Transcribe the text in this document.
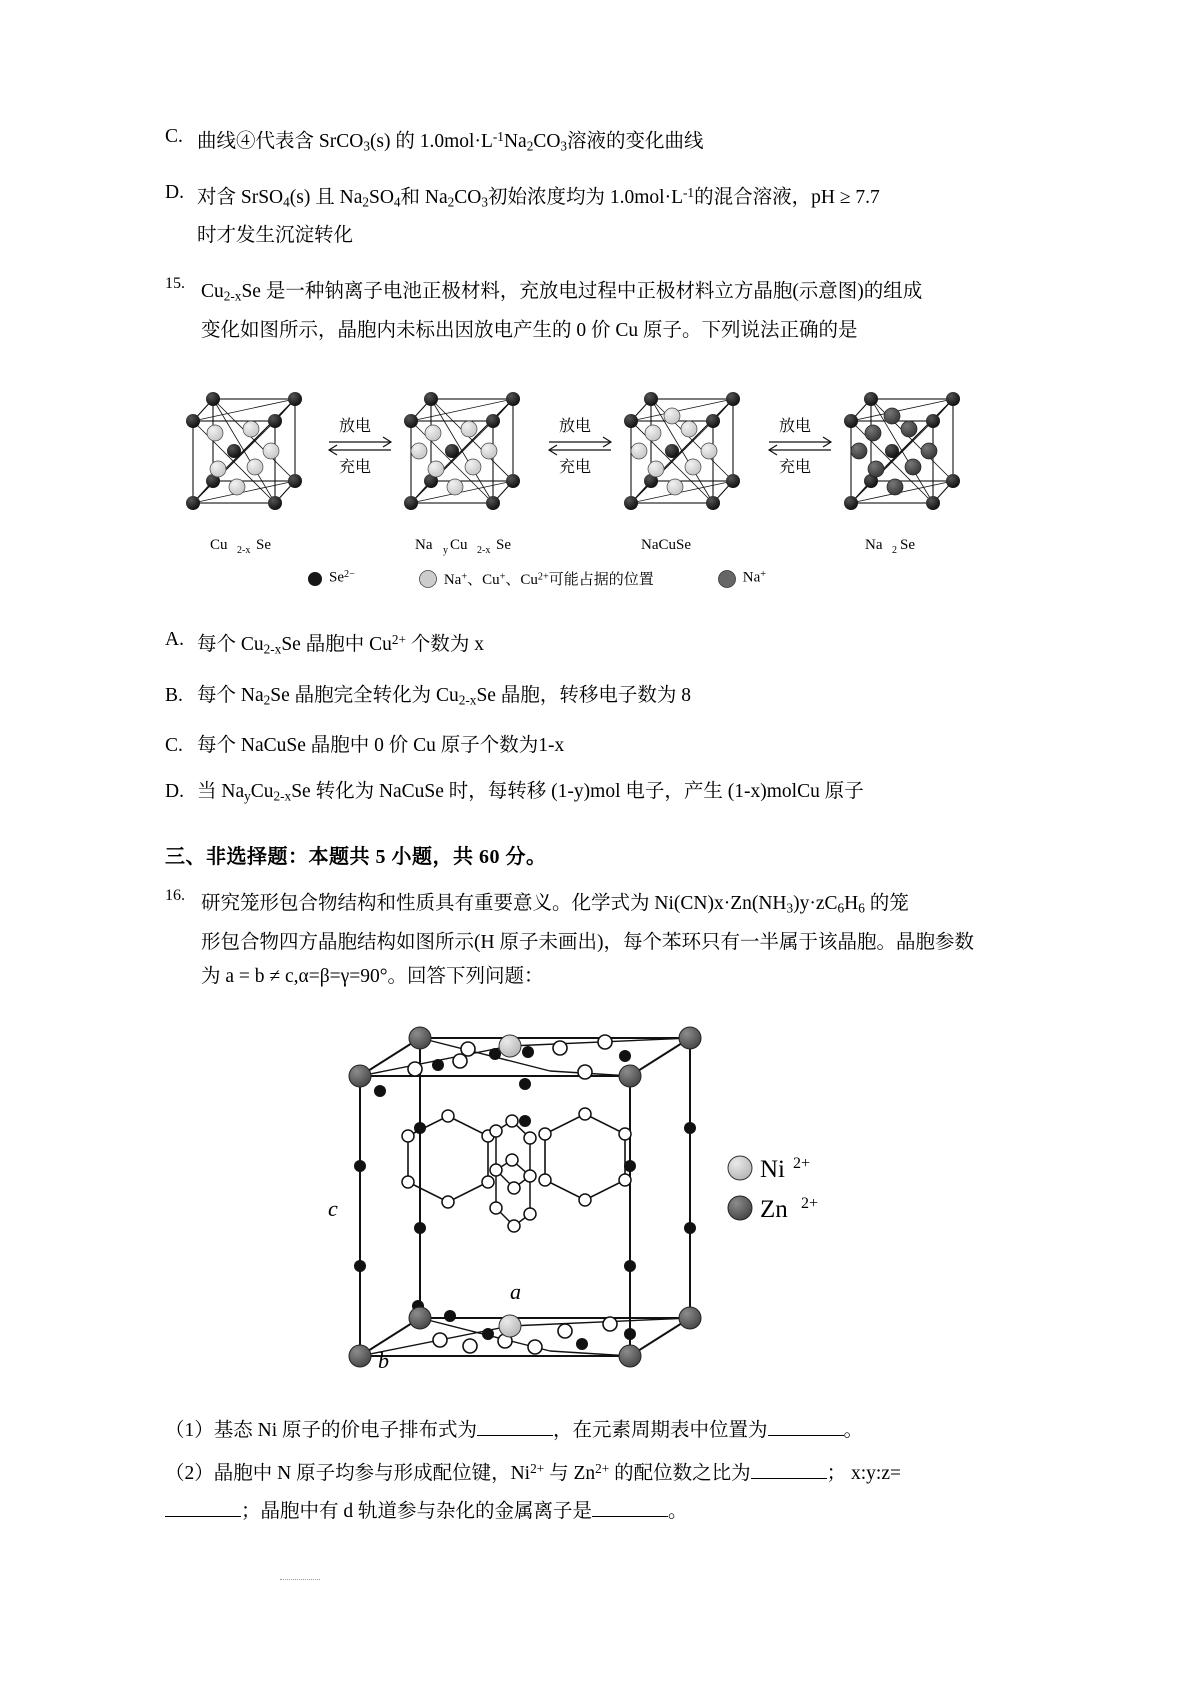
C. 曲线④代表含 SrCO$_3$(s) 的 $1.0mol\cdot L^{-1}Na_2CO_3$溶液的变化曲线
D. 对含 SrSO$_4$(s) 且 $Na_2SO_4$和 $Na_2CO_3$初始浓度均为 $1.0mol\cdot L^{-1}$的混合溶液，pH ≥ 7.7
时才发生沉淀转化
15. $Cu_{2-x}Se$ 是一种钠离子电池正极材料，充放电过程中正极材料立方晶胞(示意图)的组成
变化如图所示，晶胞内未标出因放电产生的 0 价 Cu 原子。下列说法正确的是
Cu 2-x Se
放电
充电
Na y Cu 2-x Se
放电
充电
NaCuSe
放电
充电
Na 2 Se
$Se^{2-}$	Na+、Cu+、$Cu^{2+}$可能占据的位置	Na+
A. 每个 $Cu_{2-x}Se$ 晶胞中 $Cu^{2+}$ 个数为 x
B. 每个 $Na_2Se$ 晶胞完全转化为 $Cu_{2-x}Se$ 晶胞，转移电子数为 8
C. 每个 NaCuSe 晶胞中 0 价 Cu 原子个数为1-x
D. 当 $Na_yCu_{2-x}Se$ 转化为 NaCuSe 时，每转移 (1-y)mol 电子，产生 (1-x)molCu 原子
三、非选择题：本题共 5 小题，共 60 分。
16. 研究笼形包合物结构和性质具有重要意义。化学式为 $Ni(CN)x\cdot Zn(NH_3)y\cdot zC_6H_6$ 的笼
形包合物四方晶胞结构如图所示(H 原子未画出)，每个苯环只有一半属于该晶胞。晶胞参数
为 a = b ≠ c,α=β=γ=90°。回答下列问题：
c
a
b
Ni 2+
Zn 2+
（1）基态 Ni 原子的价电子排布式为	，在元素周期表中位置为	。
（2）晶胞中 N 原子均参与形成配位键，$Ni^{2+}$ 与 $Zn^{2+}$ 的配位数之比为	； x:y:z=
；晶胞中有 d 轨道参与杂化的金属离子是	。
